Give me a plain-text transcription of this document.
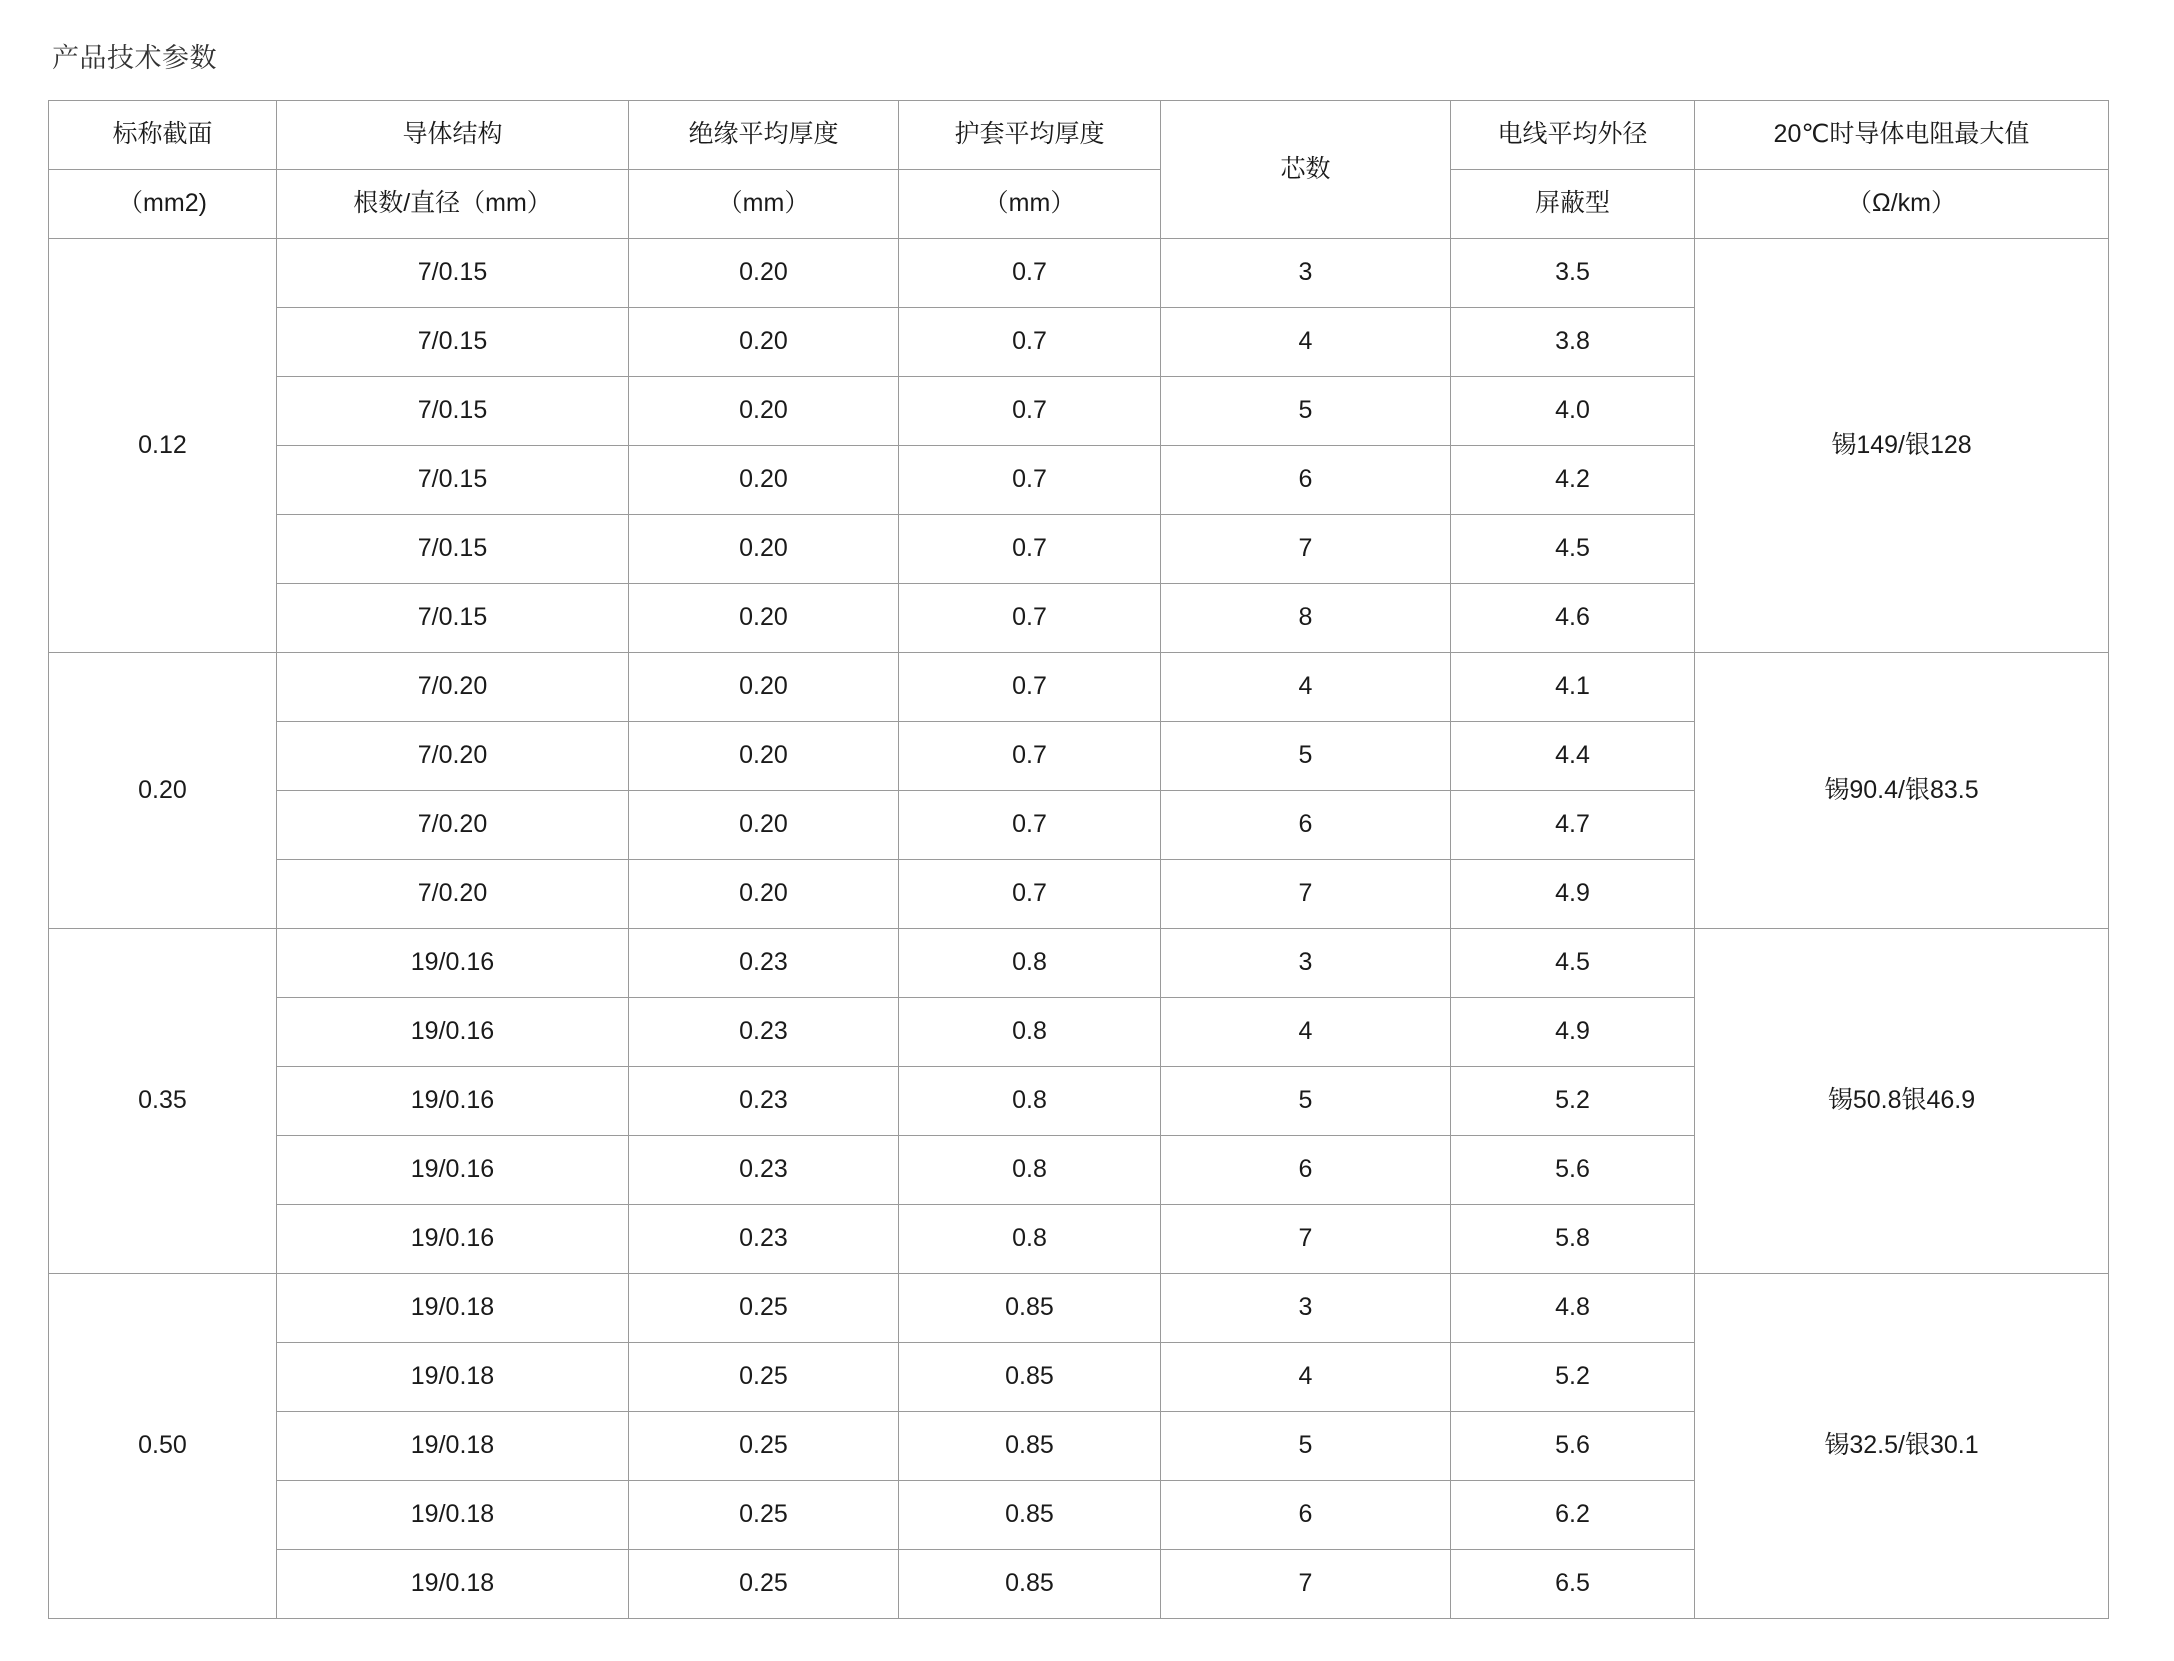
产品技术参数
标称截面	导体结构	绝缘平均厚度	护套平均厚度	芯数	电线平均外径	20℃时导体电阻最大值
（mm2)	根数/直径（mm）	（mm）	（mm）		屏蔽型	（Ω/km）
0.12	7/0.15	0.20	0.7	3	3.5	锡149/银128
	7/0.15	0.20	0.7	4	3.8	
	7/0.15	0.20	0.7	5	4.0	
	7/0.15	0.20	0.7	6	4.2	
	7/0.15	0.20	0.7	7	4.5	
	7/0.15	0.20	0.7	8	4.6	
0.20	7/0.20	0.20	0.7	4	4.1	锡90.4/银83.5
	7/0.20	0.20	0.7	5	4.4	
	7/0.20	0.20	0.7	6	4.7	
	7/0.20	0.20	0.7	7	4.9	
0.35	19/0.16	0.23	0.8	3	4.5	锡50.8银46.9
	19/0.16	0.23	0.8	4	4.9	
	19/0.16	0.23	0.8	5	5.2	
	19/0.16	0.23	0.8	6	5.6	
	19/0.16	0.23	0.8	7	5.8	
0.50	19/0.18	0.25	0.85	3	4.8	锡32.5/银30.1
	19/0.18	0.25	0.85	4	5.2	
	19/0.18	0.25	0.85	5	5.6	
	19/0.18	0.25	0.85	6	6.2	
	19/0.18	0.25	0.85	7	6.5	
